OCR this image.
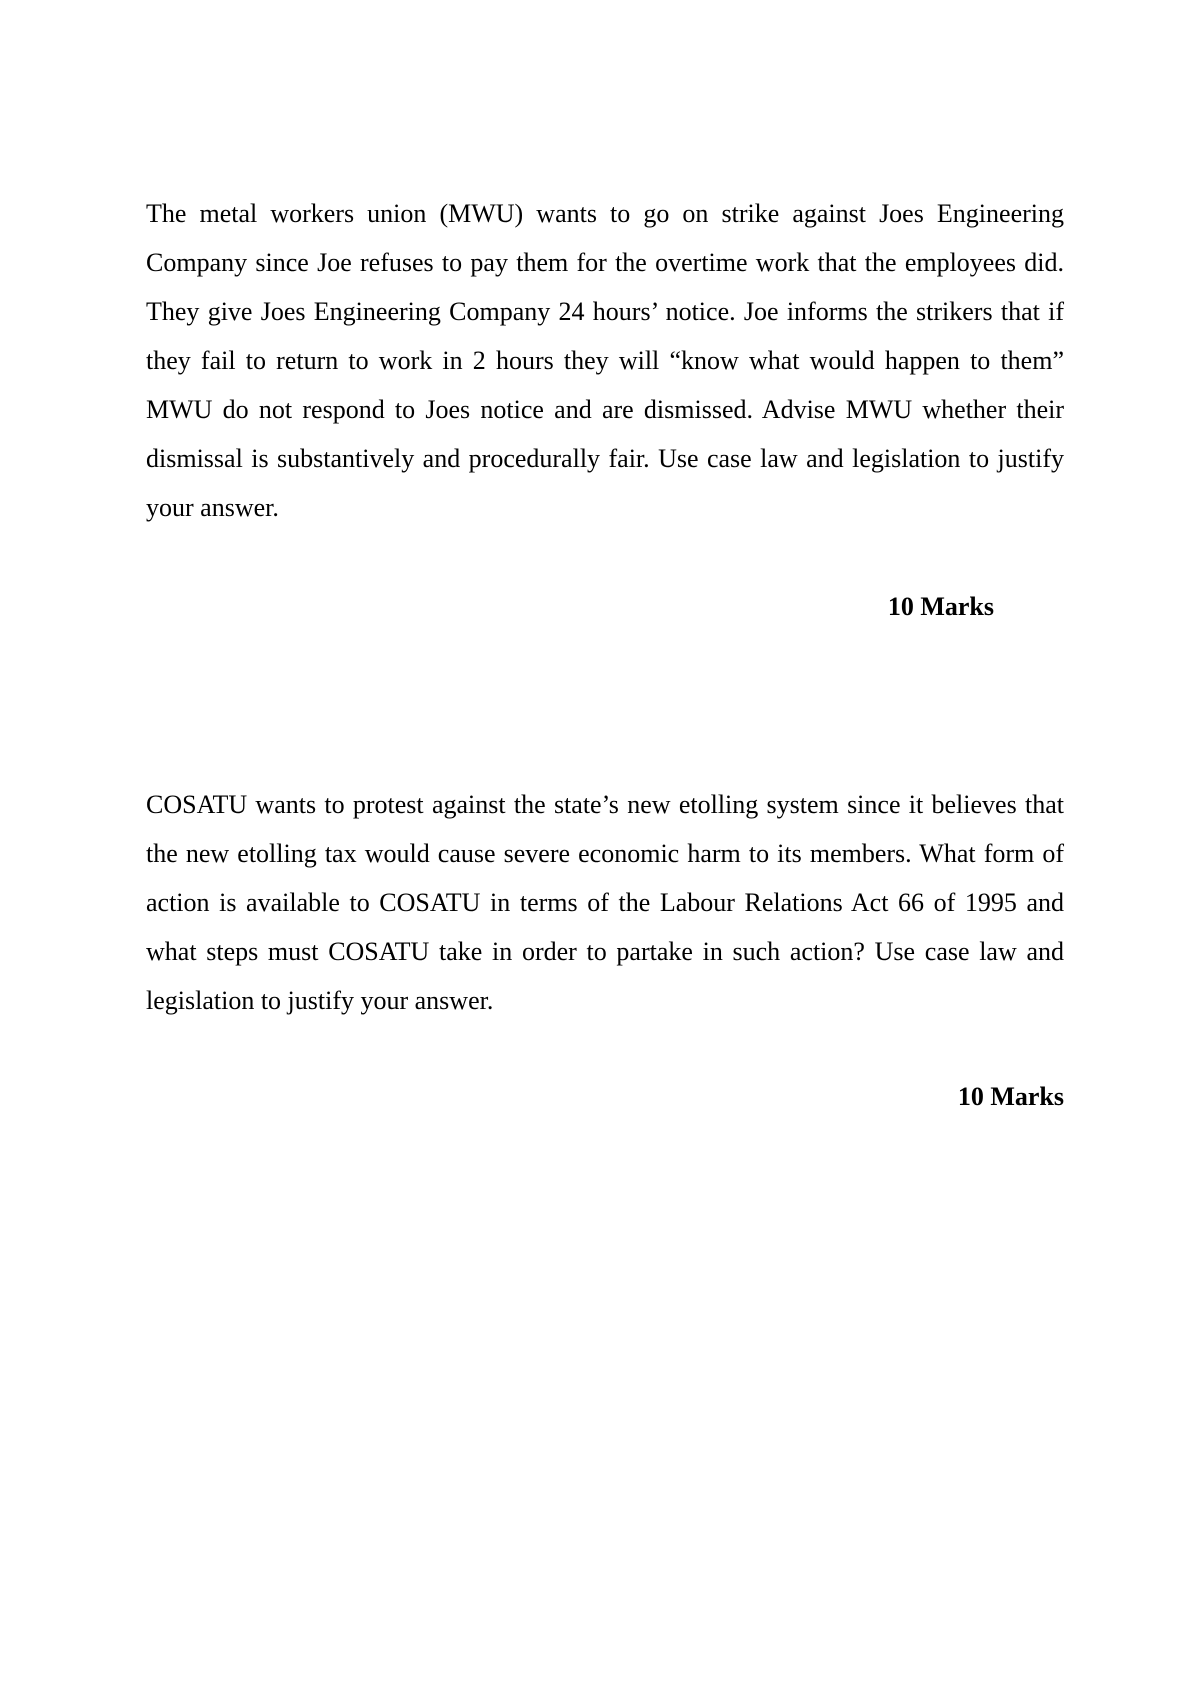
The metal workers union (MWU) wants to go on strike against Joes Engineering Company since Joe refuses to pay them for the overtime work that the employees did. They give Joes Engineering Company 24 hours’ notice. Joe informs the strikers that if they fail to return to work in 2 hours they will “know what would happen to them” MWU do not respond to Joes notice and are dismissed. Advise MWU whether their dismissal is substantively and procedurally fair. Use case law and legislation to justify your answer.

10 Marks

COSATU wants to protest against the state’s new etolling system since it believes that the new etolling tax would cause severe economic harm to its members. What form of action is available to COSATU in terms of the Labour Relations Act 66 of 1995 and what steps must COSATU take in order to partake in such action? Use case law and legislation to justify your answer.

10 Marks
